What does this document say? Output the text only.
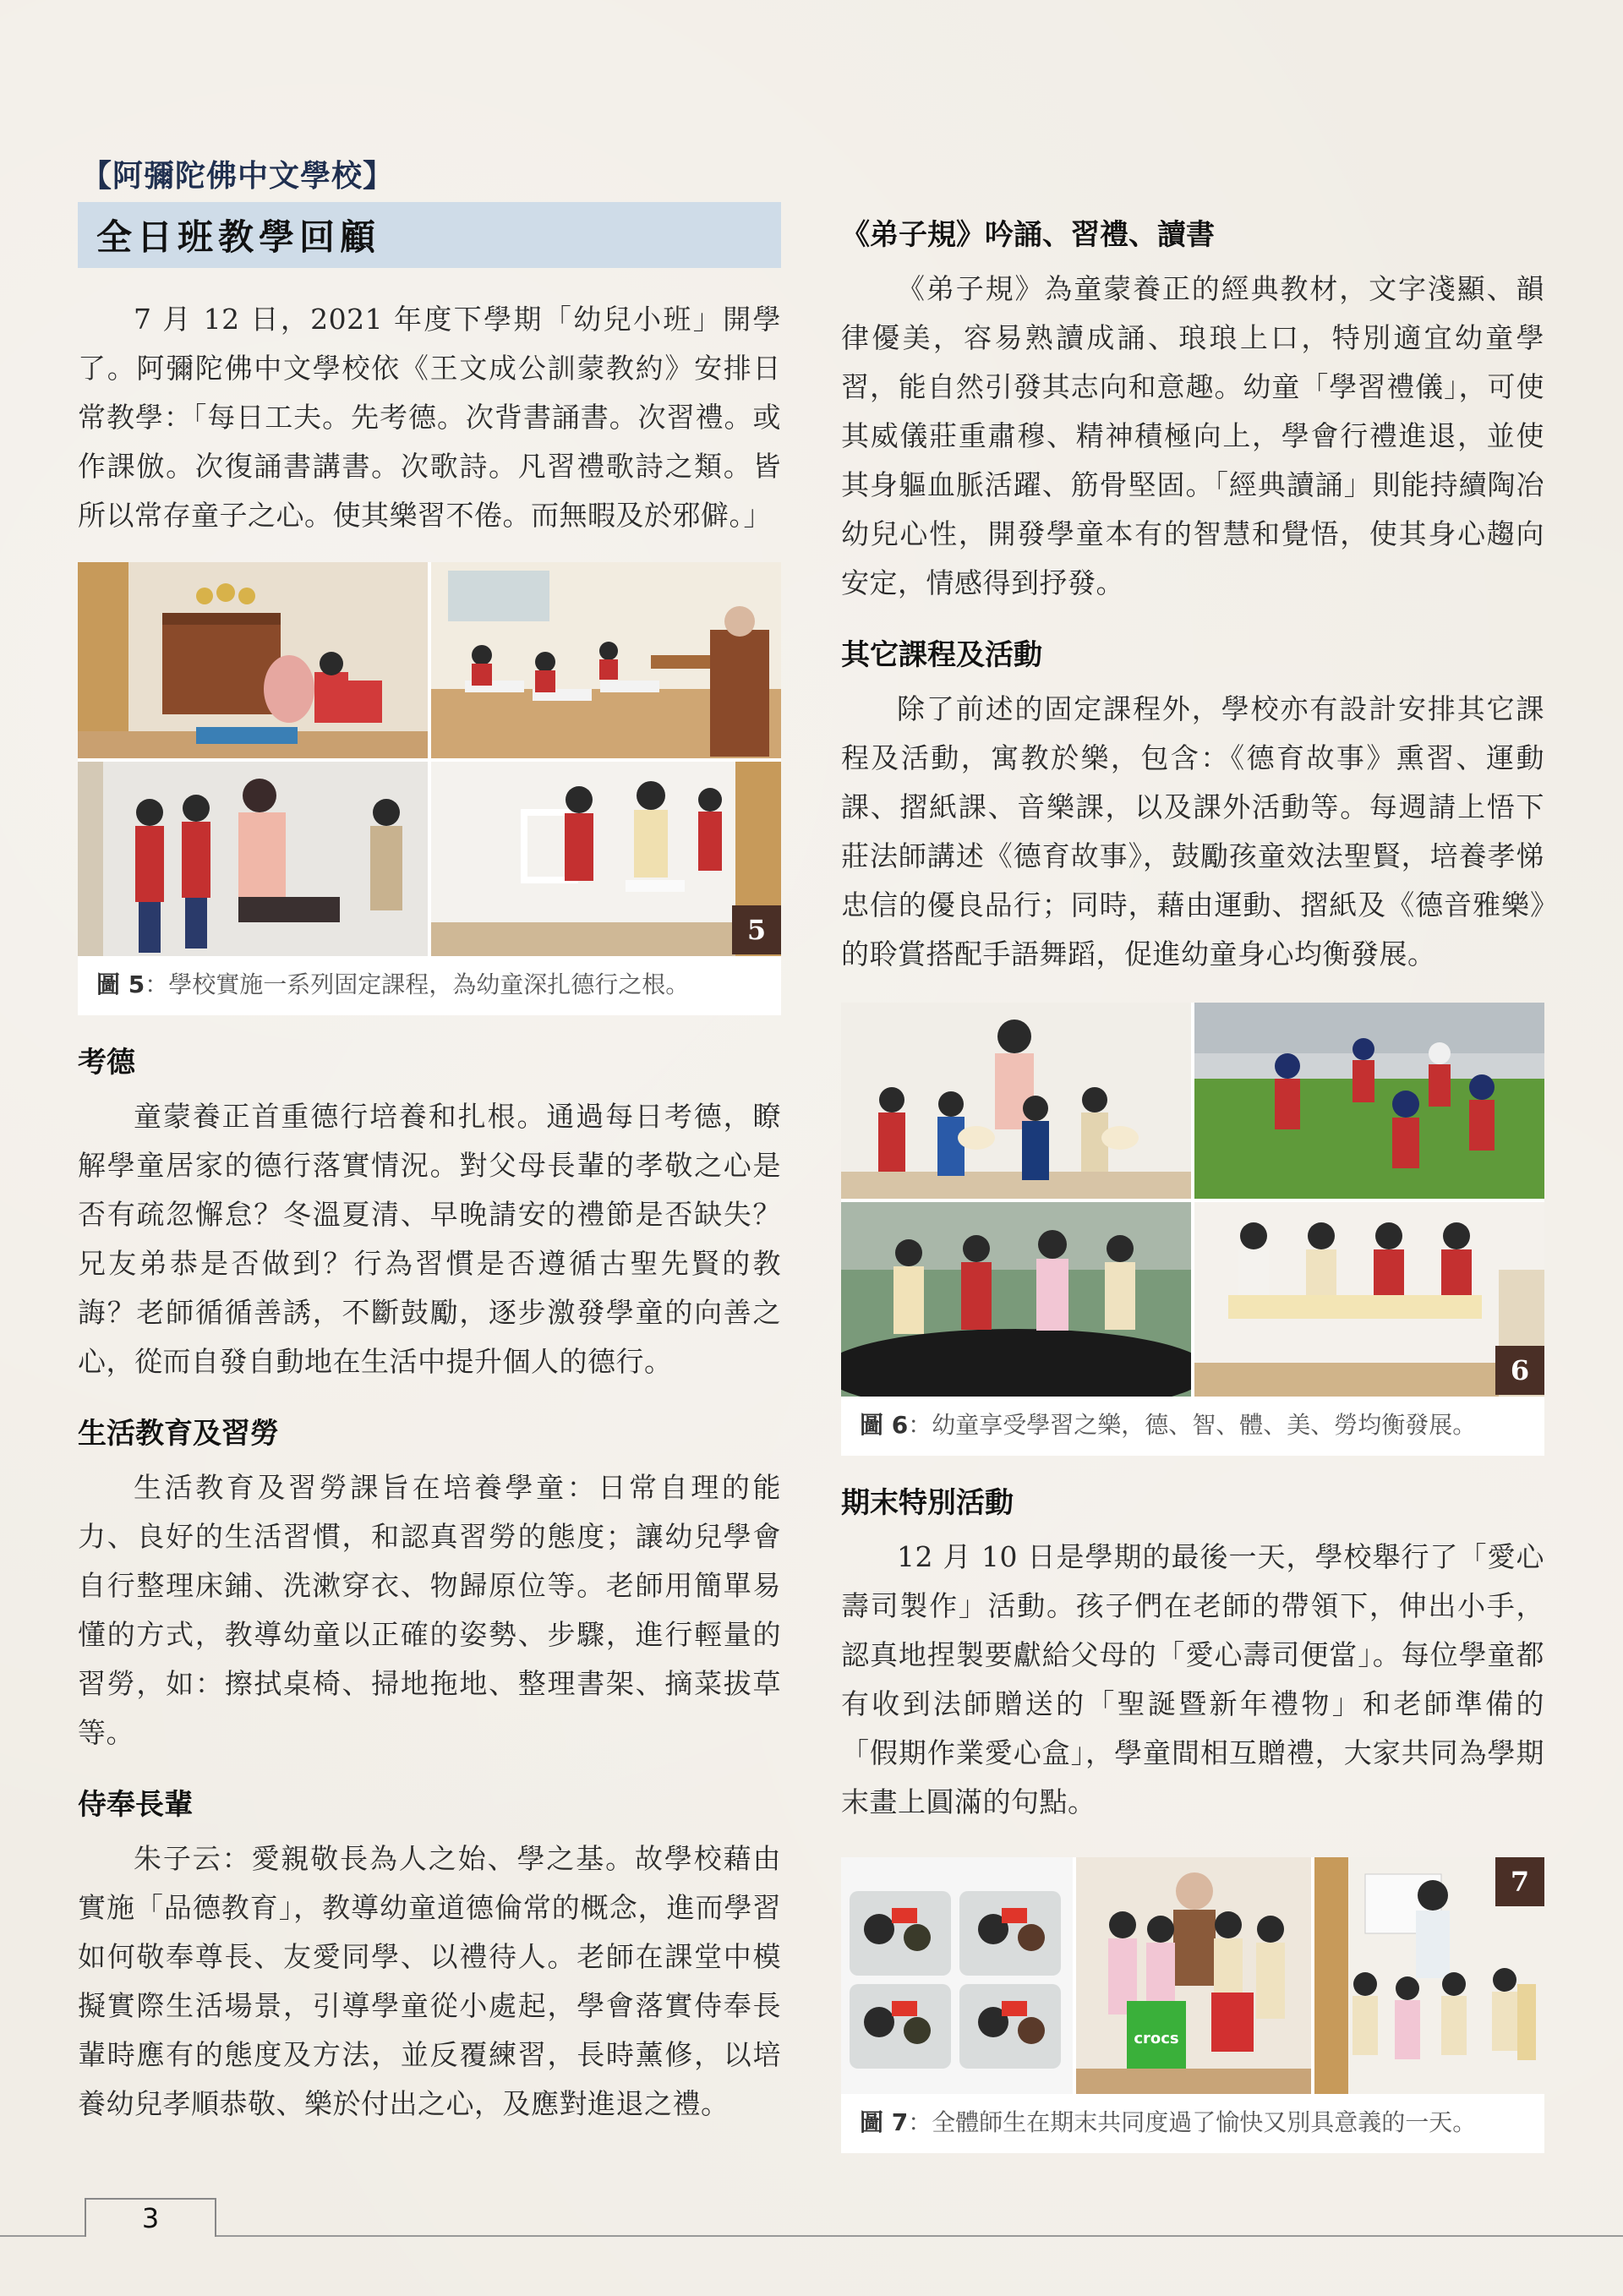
【阿彌陀佛中文學校】
全日班教學回顧

7 月 12 日，2021 年度下學期「幼兒小班」開學了。阿彌陀佛中文學校依《王文成公訓蒙教約》安排日常教學：「每日工夫。先考德。次背書誦書。次習禮。或作課倣。次復誦書講書。次歌詩。凡習禮歌詩之類。皆所以常存童子之心。使其樂習不倦。而無暇及於邪僻。」

5
圖 5：學校實施一系列固定課程，為幼童深扎德行之根。
考德

童蒙養正首重德行培養和扎根。通過每日考德，瞭解學童居家的德行落實情況。對父母長輩的孝敬之心是否有疏忽懈怠？冬溫夏清、早晚請安的禮節是否缺失？兄友弟恭是否做到？行為習慣是否遵循古聖先賢的教誨？老師循循善誘，不斷鼓勵，逐步激發學童的向善之心，從而自發自動地在生活中提升個人的德行。

生活教育及習勞

生活教育及習勞課旨在培養學童：日常自理的能力、良好的生活習慣，和認真習勞的態度；讓幼兒學會自行整理床鋪、洗漱穿衣、物歸原位等。老師用簡單易懂的方式，教導幼童以正確的姿勢、步驟，進行輕量的習勞，如：擦拭桌椅、掃地拖地、整理書架、摘菜拔草等。

侍奉長輩

朱子云：愛親敬長為人之始、學之基。故學校藉由實施「品德教育」，教導幼童道德倫常的概念，進而學習如何敬奉尊長、友愛同學、以禮待人。老師在課堂中模擬實際生活場景，引導學童從小處起，學會落實侍奉長輩時應有的態度及方法，並反覆練習，長時薰修，以培養幼兒孝順恭敬、樂於付出之心，及應對進退之禮。

《弟子規》吟誦、習禮、讀書

《弟子規》為童蒙養正的經典教材，文字淺顯、韻律優美，容易熟讀成誦、琅琅上口，特別適宜幼童學習，能自然引發其志向和意趣。幼童「學習禮儀」，可使其威儀莊重肅穆、精神積極向上，學會行禮進退，並使其身軀血脈活躍、筋骨堅固。「經典讀誦」則能持續陶冶幼兒心性，開發學童本有的智慧和覺悟，使其身心趨向安定，情感得到抒發。

其它課程及活動

除了前述的固定課程外，學校亦有設計安排其它課程及活動，寓教於樂，包含：《德育故事》熏習、運動課、摺紙課、音樂課，以及課外活動等。每週請上悟下莊法師講述《德育故事》，鼓勵孩童效法聖賢，培養孝悌忠信的優良品行；同時，藉由運動、摺紙及《德音雅樂》的聆賞搭配手語舞蹈，促進幼童身心均衡發展。

6
圖 6：幼童享受學習之樂，德、智、體、美、勞均衡發展。
期末特別活動

12 月 10 日是學期的最後一天，學校舉行了「愛心壽司製作」活動。孩子們在老師的帶領下，伸出小手，認真地捏製要獻給父母的「愛心壽司便當」。每位學童都有收到法師贈送的「聖誕暨新年禮物」和老師準備的「假期作業愛心盒」，學童間相互贈禮，大家共同為學期末畫上圓滿的句點。

crocs
7
圖 7：全體師生在期末共同度過了愉快又別具意義的一天。
3
